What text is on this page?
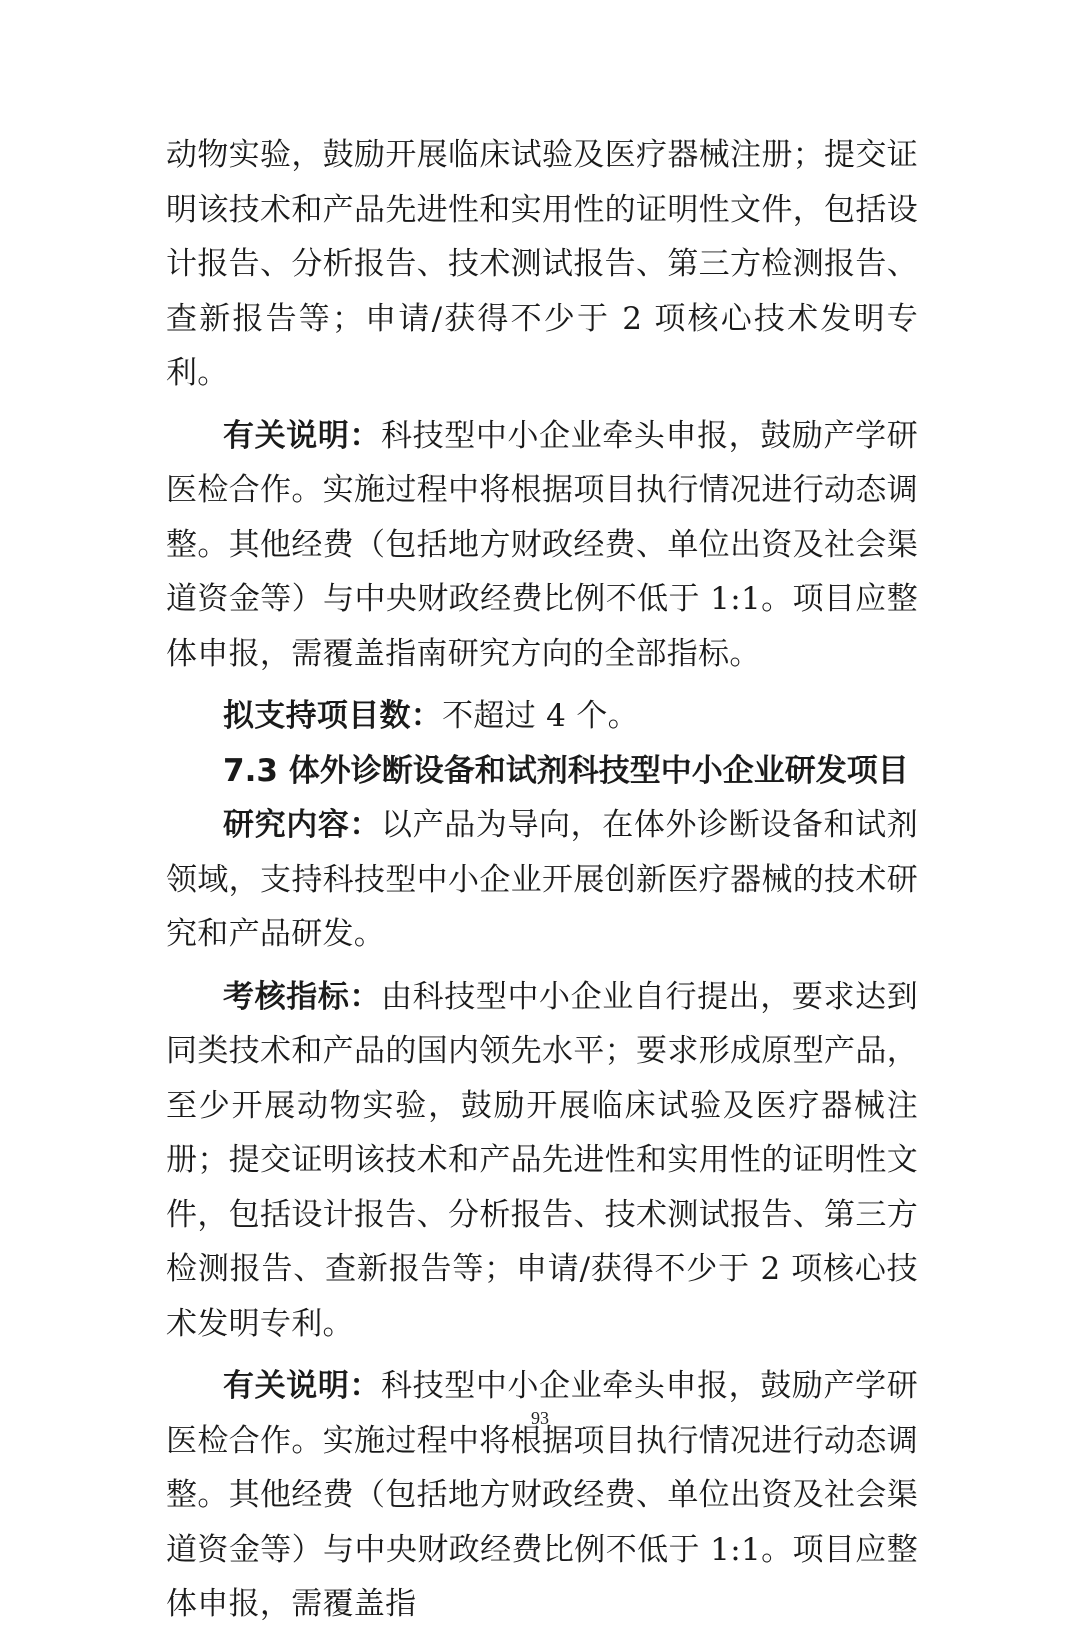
动物实验，鼓励开展临床试验及医疗器械注册；提交证明该技术和产品先进性和实用性的证明性文件，包括设计报告、分析报告、技术测试报告、第三方检测报告、查新报告等；申请/获得不少于 2 项核心技术发明专利。

有关说明：科技型中小企业牵头申报，鼓励产学研医检合作。实施过程中将根据项目执行情况进行动态调整。其他经费（包括地方财政经费、单位出资及社会渠道资金等）与中央财政经费比例不低于 1:1。项目应整体申报，需覆盖指南研究方向的全部指标。

拟支持项目数：不超过 4 个。

7.3 体外诊断设备和试剂科技型中小企业研发项目

研究内容：以产品为导向，在体外诊断设备和试剂领域，支持科技型中小企业开展创新医疗器械的技术研究和产品研发。

考核指标：由科技型中小企业自行提出，要求达到同类技术和产品的国内领先水平；要求形成原型产品，至少开展动物实验，鼓励开展临床试验及医疗器械注册；提交证明该技术和产品先进性和实用性的证明性文件，包括设计报告、分析报告、技术测试报告、第三方检测报告、查新报告等；申请/获得不少于 2 项核心技术发明专利。

有关说明：科技型中小企业牵头申报，鼓励产学研医检合作。实施过程中将根据项目执行情况进行动态调整。其他经费（包括地方财政经费、单位出资及社会渠道资金等）与中央财政经费比例不低于 1:1。项目应整体申报，需覆盖指

93
